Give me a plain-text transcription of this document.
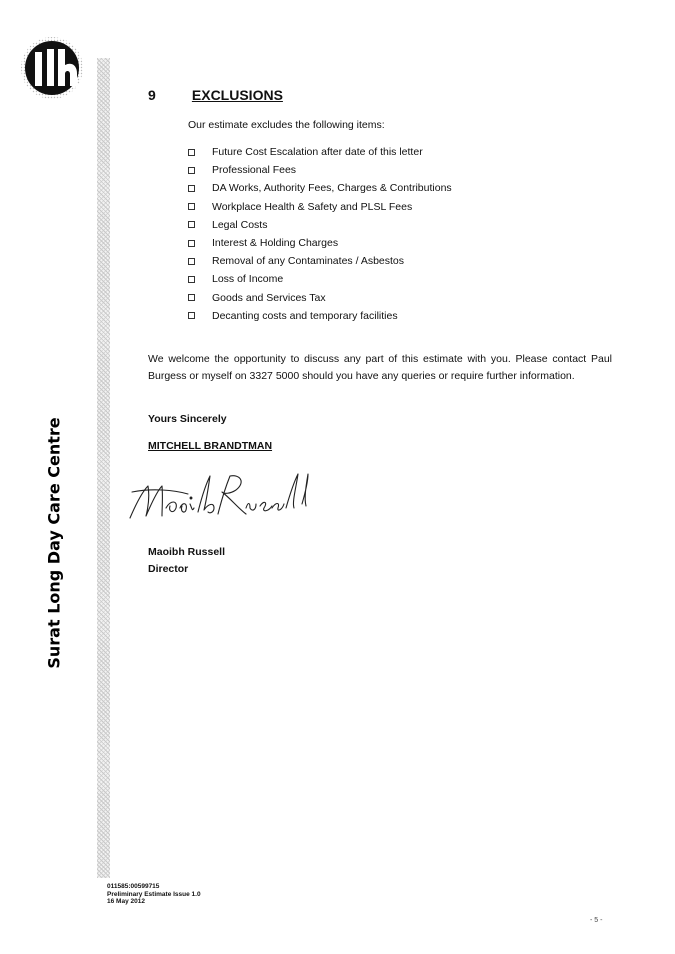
Surat Long Day Care Centre
9	EXCLUSIONS
Our estimate excludes the following items:
Future Cost Escalation after date of this letter
Professional Fees
DA Works, Authority Fees, Charges & Contributions
Workplace Health & Safety and PLSL Fees
Legal Costs
Interest & Holding Charges
Removal of any Contaminates / Asbestos
Loss of Income
Goods and Services Tax
Decanting costs and temporary facilities

We welcome the opportunity to discuss any part of this estimate with you. Please contact Paul Burgess or myself on 3327 5000 should you have any queries or require further information.

Yours Sincerely
MITCHELL BRANDTMAN
Maoibh Russell
Director
011585:00599715
Preliminary Estimate Issue 1.0
16 May 2012
- 5 -
